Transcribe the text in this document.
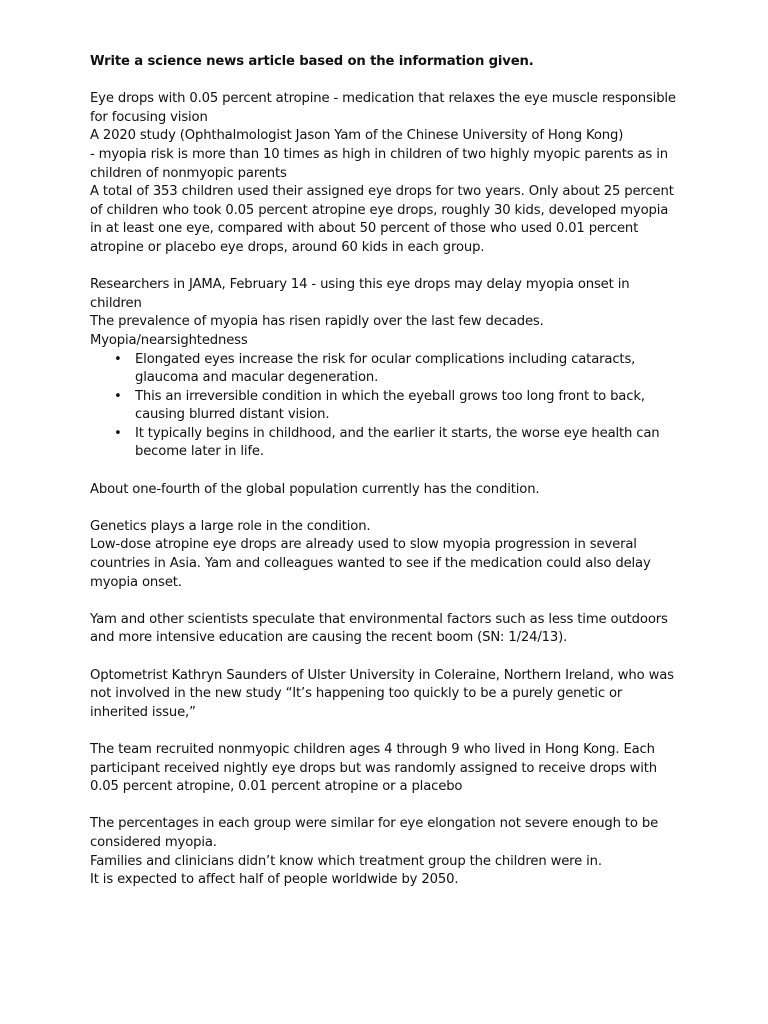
Write a science news article based on the information given.

Eye drops with 0.05 percent atropine - medication that relaxes the eye muscle responsible for focusing vision
A 2020 study (Ophthalmologist Jason Yam of the Chinese University of Hong Kong)
- myopia risk is more than 10 times as high in children of two highly myopic parents as in children of nonmyopic parents
A total of 353 children used their assigned eye drops for two years. Only about 25 percent of children who took 0.05 percent atropine eye drops, roughly 30 kids, developed myopia in at least one eye, compared with about 50 percent of those who used 0.01 percent atropine or placebo eye drops, around 60 kids in each group.
Researchers in JAMA, February 14 - using this eye drops may delay myopia onset in children
The prevalence of myopia has risen rapidly over the last few decades.
Myopia/nearsightedness
• Elongated eyes increase the risk for ocular complications including cataracts, glaucoma and macular degeneration.
• This an irreversible condition in which the eyeball grows too long front to back, causing blurred distant vision.
• It typically begins in childhood, and the earlier it starts, the worse eye health can become later in life.
About one-fourth of the global population currently has the condition.
Genetics plays a large role in the condition.
Low-dose atropine eye drops are already used to slow myopia progression in several countries in Asia. Yam and colleagues wanted to see if the medication could also delay myopia onset.
Yam and other scientists speculate that environmental factors such as less time outdoors and more intensive education are causing the recent boom (SN: 1/24/13).
Optometrist Kathryn Saunders of Ulster University in Coleraine, Northern Ireland, who was not involved in the new study “It’s happening too quickly to be a purely genetic or inherited issue,”
The team recruited nonmyopic children ages 4 through 9 who lived in Hong Kong. Each participant received nightly eye drops but was randomly assigned to receive drops with 0.05 percent atropine, 0.01 percent atropine or a placebo
The percentages in each group were similar for eye elongation not severe enough to be considered myopia.
Families and clinicians didn’t know which treatment group the children were in.
It is expected to affect half of people worldwide by 2050.
